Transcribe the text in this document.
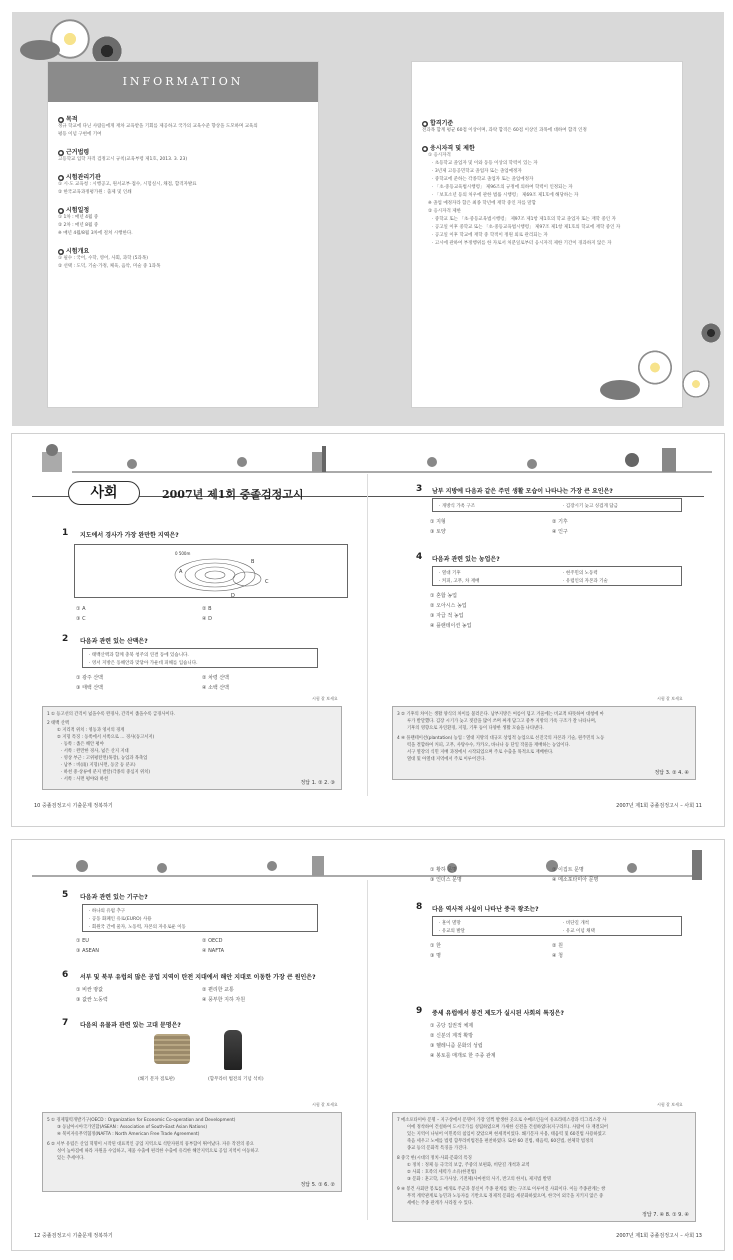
INFORMATION
● 목적
정규 학교에 다닌 사람들에게 재차 교육받을 기회를 제공하고 국가의 교육수준 향상을 도모하며 교육의
평등 이념 구현에 기여
● 근거법령
고등학교 입학 자격 검정고시 규칙(교육부령 제1호, 2013. 3. 23)
● 시험관리기관
① 시·도 교육청 : 시행공고, 원서교부·접수, 시험실시, 채점, 합격자발표
② 한국교육과정평가원 : 출제 및 인쇄
● 시험일정
① 1차 : 매년 4월 중
② 2차 : 매년 8월 중
※ 매년 4월/8월 3차에 걸쳐 시행한다.
● 시험개요
① 필수 : 국어, 수학, 영어, 사회, 과학 (5과목)
② 선택 : 도덕, 기술·가정, 체육, 음악, 미술 중 1과목
● 합격기준
전과목 합계 평균 60점 이상이며, 과락 합격은 60점 이상인 과목에 대하여 합격 인정
● 응시자격 및 제한
① 응시자격
· 초등학교 졸업자 및 이와 동등 이상의 학력이 있는 자
· 3년제 고등공민학교 졸업자 또는 졸업예정자
· 중학교에 준하는 각종학교 졸업자 또는 졸업예정자
· 「초·중등교육법시행령」 제96조의 규정에 의하여 학력이 인정되는 자
· 「보호소년 등의 처우에 관한 법률 시행령」 제69조 제1호에 해당하는 자
※ 졸업 예정자라 함은 최종 학년에 재학 중인 자를 말함
② 응시자격 제한
· 중학교 또는 「초·중등교육법시행령」 제97조 제1항 제1호의 학교 졸업자 또는 재학 중인 자
· 공고일 이후 중학교 또는 「초·중등교육법시행령」 제97조 제1항 제1호의 학교에 재학 중인 자
· 공고일 이후 학교에 재학 중 학적이 정원 외로 관리되는 자
· 고시에 관하여 부정행위를 한 자로서 처분일로부터 응시자격 제한 기간이 경과하지 않은 자
사회	2007년 제1회 중졸검정고시
1 지도에서 경사가 가장 완만한 지역은?
A
B
C
D
0 500m
① A	② B
③ C	④ D
2 다음과 관련 있는 산맥은?
· 태백산맥과 함께 충북 청주의 연결 동에 있습니다.
· 영서 지방은 동해안과 맞닿아 가운데 피해를 입습니다.
① 광주 산맥	② 차령 산맥
③ 태백 산맥	④ 소백 산맥
시험 잘 보세요
1 ① 등고선의 간격이 넓을수록 완경사, 간격이 좁을수록 급경사이다.
2 태백 산맥
① 지리적 위치 : 영동과 영서의 경계
② 지형 특징 : 동쪽에서 서쪽으로 … 경사(동고서저)
· 동쪽 : 좁은 해안 평야
· 서쪽 : 완만한 경사, 넓은 산지 지대
· 영상 부근 : 고위평탄면(목장), 농업과 목축업
· 남부 : 비(雨) 지형(사면, 동굴 등 분포)
· 하천 중·상류에 분지 발달(각종의 중심지 위치)
· 서쪽 : 사면 평야와 하천
정답 1. ② 2. ③
3 남부 지방에 다음과 같은 주민 생활 모습이 나타나는 가장 큰 요인은?
· 개방식 가옥 구조	· 김장시기 늦고 싱겁게 담금
① 지형	② 기후
③ 토양	④ 인구
4 다음과 관련 있는 농업은?
· 열대 기후	· 현주민의 노동력
· 커피, 고무, 차 재배	· 유럽인의 자본과 기술
① 혼합 농업
② 오아시스 농업
③ 자급 적 농업
④ 플랜테이션 농업
시험 잘 보세요
3 ② 기후의 차이는 생활 양식의 차이를 불러온다. 남부지방은 여름이 덥고 겨울에는 비교적 따뜻하여 대청에 마
루가 발달했다. 김장 시기가 늦고 젓갈을 많이 쓰며 짜게 담그고 중부 지방의 가옥 구조가 잘 나타나며,
기후의 영향으로 자연환경, 지형, 기후 등이 다양한 생활 모습을 나타낸다.
4 ④ 플랜테이션(plantation) 농업 : 열대 지방의 대규모 상업적 농업으로 선진국의 자본과 기술, 원주민의 노동
력을 결합하여 커피, 고무, 사탕수수, 카카오, 바나나 등 단일 작물을 재배하는 농업이다.
서구 열강의 식민 지배 과정에서 시작되었으며 주로 수출을 목적으로 재배한다.
열대 및 아열대 지역에서 주로 이루어진다.
정답 3. ② 4. ④
10 중졸검정고시 기출문제 정복하기	2007년 제1회 중졸검정고시 – 사회 11
5 다음과 관련 있는 기구는?
· 하나의 유럽 추구
· 공동 화폐인 유로(EURO) 사용
· 회원국 간에 물자, 노동력, 자본의 자유로운 이동
① EU	② OECD
③ ASEAN	④ NAFTA
6 서부 및 북부 유럽의 많은 공업 지역이 탄전 지대에서 해안 지대로 이동한 가장 큰 원인은?
① 비싼 땅값	② 편리한 교통
③ 값싼 노동력	④ 풍부한 지하 자원
7 다음의 유물과 관련 있는 고대 문명은?
(쐐기 문자 점토판)	(함무라비 법전의 기념 석비)
시험 잘 보세요
5 ① 경제협력개발기구(OECD : Organization for Economic Co-operation and Development)
③ 동남아시아국가연합(ASEAN : Association of South-East Asian Nations)
④ 북미자유무역협정(NAFTA : North American Free Trade Agreement)
6 ② 서부 유럽은 산업 혁명이 시작된 대표적인 공업 지역으로 석탄자원의 풍부함이 뛰어났다. 자유 작전의 중요
성이 높아짐에 따라 자원을 수입하고, 제품 수출에 편리한 수출에 유리한 해안지역으로 공업 지역이 이동하고
있는 추세이다.
정답 5. ① 6. ②
① 황하 문명	② 이집트 문명
③ 인더스 문명	④ 메소포타미아 문명
8 다음 역사적 사실이 나타난 중국 왕조는?
· 훈이 멸망	· 비단길 개척
· 유교의 발달	· 유교 이념 채택
① 한	② 원
③ 명	④ 청
9 중세 유럽에서 봉건 제도가 실시된 사회의 특징은?
① 공당 집권적 체제
② 신분의 계적 확방
③ 헬레니즘 문화의 성립
④ 봉토를 매개로 한 주종 관계
시험 잘 보세요
7 메소포타미아 문명 – 지구상에서 문명이 가장 일찍 발생한 곳으로 수메르인들이 유프라테스강과 티그리스강 사
이에 정착하여 건설하여 도시국가를 성립하였으며 가새한 신전을 건설하였다(지구라트). 사람이 다 재결되어
있는 지역이 나뉘어 이민족의 침입이 잦았으며 현세적이었다. 쐐기문자 사용, 태음력 및 60진법 사용하였고
죽음 세우고 노예를 법령 함무라비법전을 편찬하였다. 또한 60 진법, 태음력, 60진법, 천체학 법정의
종교 등의 문화적 특징을 가진다.
8 중국 한(시대의 정치·사회·문화의 특징
① 정치 : 정체 등 극국의 보급, 주중의 보편화, 비단길 개척과 교역
② 사회 : 호족의 세력가 소유(한전법)
③ 문화 : 훈고학, 도가사상, 기전체(사마천의 사기, 반고의 한서), 제지법 발명
9 ④ 봉건 사회란 봉토를 매개로 주군과 봉신이 주종 관계를 맺는 구조로 이루어진 사회이다. 이들 주종관계는 쌍
무적 계약관계로 농민과 노동자를 기반으로 경제적 문화를 세분화하였으며, 한국이 외국을 지키지 않은 중
세에는 주종 관계가 사라질 수 있다.
정답 7. ④ 8. ① 9. ④
12 중졸검정고시 기출문제 정복하기	2007년 제1회 중졸검정고시 – 사회 13
